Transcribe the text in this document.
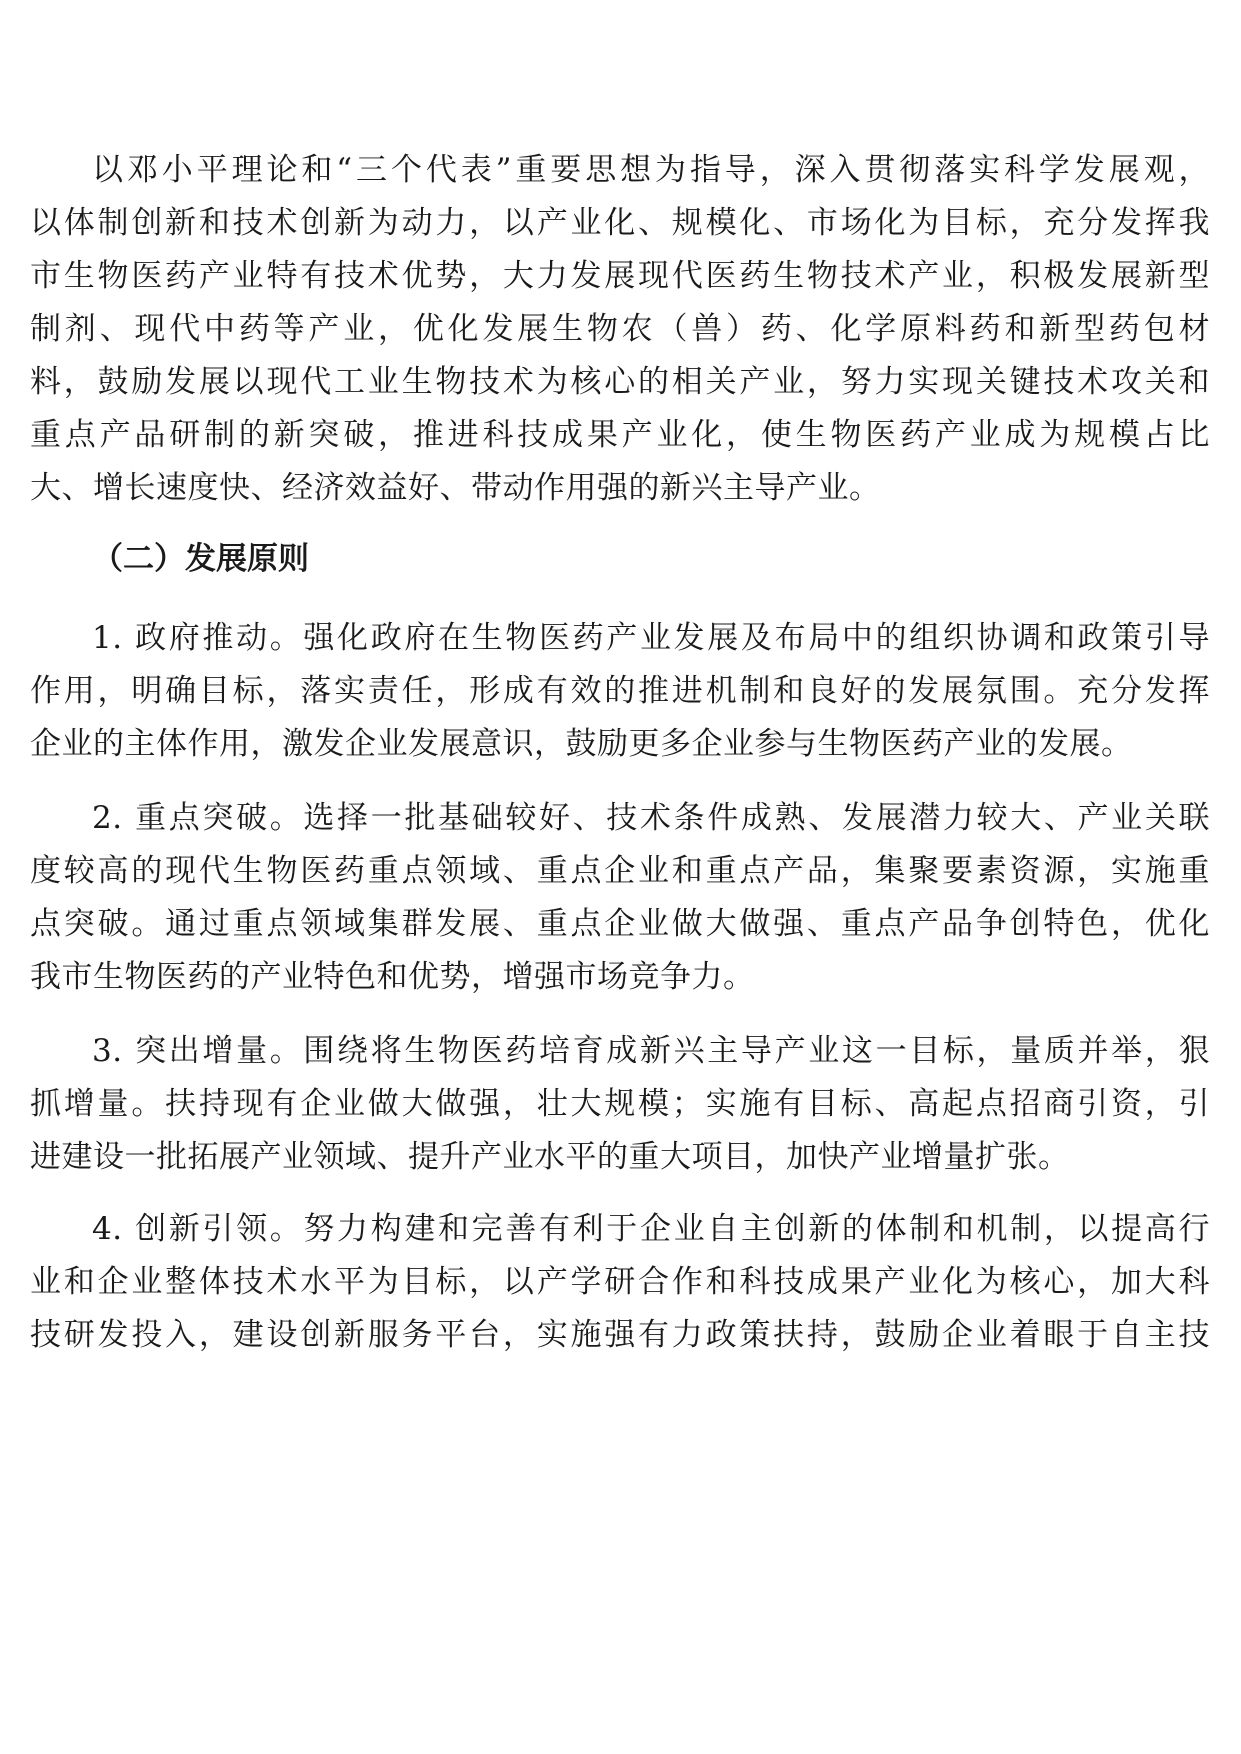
以邓小平理论和“三个代表”重要思想为指导，深入贯彻落实科学发展观，
以体制创新和技术创新为动力，以产业化、规模化、市场化为目标，充分发挥我
市生物医药产业特有技术优势，大力发展现代医药生物技术产业，积极发展新型
制剂、现代中药等产业，优化发展生物农（兽）药、化学原料药和新型药包材
料，鼓励发展以现代工业生物技术为核心的相关产业，努力实现关键技术攻关和
重点产品研制的新突破，推进科技成果产业化，使生物医药产业成为规模占比
大、增长速度快、经济效益好、带动作用强的新兴主导产业。
（二）发展原则
1. 政府推动。强化政府在生物医药产业发展及布局中的组织协调和政策引导
作用，明确目标，落实责任，形成有效的推进机制和良好的发展氛围。充分发挥
企业的主体作用，激发企业发展意识，鼓励更多企业参与生物医药产业的发展。
2. 重点突破。选择一批基础较好、技术条件成熟、发展潜力较大、产业关联
度较高的现代生物医药重点领域、重点企业和重点产品，集聚要素资源，实施重
点突破。通过重点领域集群发展、重点企业做大做强、重点产品争创特色，优化
我市生物医药的产业特色和优势，增强市场竞争力。
3. 突出增量。围绕将生物医药培育成新兴主导产业这一目标，量质并举，狠
抓增量。扶持现有企业做大做强，壮大规模；实施有目标、高起点招商引资，引
进建设一批拓展产业领域、提升产业水平的重大项目，加快产业增量扩张。
4. 创新引领。努力构建和完善有利于企业自主创新的体制和机制，以提高行
业和企业整体技术水平为目标，以产学研合作和科技成果产业化为核心，加大科
技研发投入，建设创新服务平台，实施强有力政策扶持，鼓励企业着眼于自主技
